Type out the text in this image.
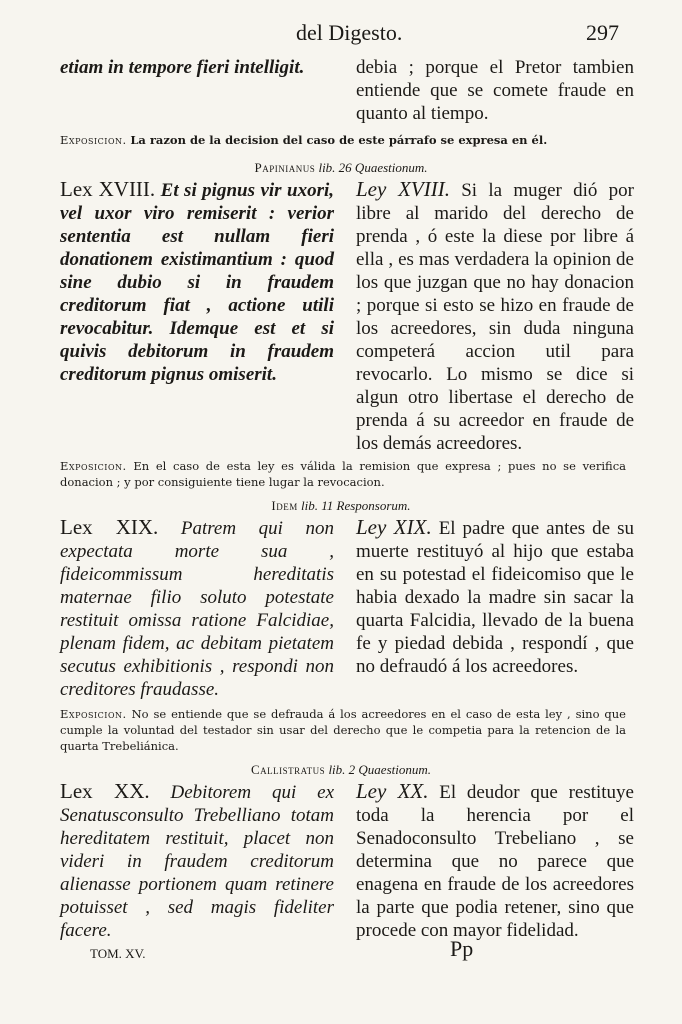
del Digesto.	297
etiam in tempore fieri intelligit.	debia ; porque el Pretor tambien entiende que se comete fraude en quanto al tiempo.
Exposicion. La razon de la decision del caso de este párrafo se expresa en él.
Papinianus lib. 26 Quaestionum.
Lex XVIII. Et si pignus vir uxori, vel uxor viro remiserit : verior sententia est nullam fieri donationem existimantium : quod sine dubio si in fraudem creditorum fiat , actione utili revocabitur. Idemque est et si quivis debitorum in fraudem creditorum pignus omiserit.
Ley XVIII. Si la muger dió por libre al marido del derecho de prenda , ó este la diese por libre á ella , es mas verdadera la opinion de los que juzgan que no hay donacion ; porque si esto se hizo en fraude de los acreedores, sin duda ninguna competerá accion util para revocarlo. Lo mismo se dice si algun otro libertase el derecho de prenda á su acreedor en fraude de los demás acreedores.
Exposicion. En el caso de esta ley es válida la remision que expresa ; pues no se verifica donacion ; y por consiguiente tiene lugar la revocacion.
Idem lib. 11 Responsorum.
Lex XIX. Patrem qui non expectata morte sua , fideicommissum hereditatis maternae filio soluto potestate restituit omissa ratione Falcidiae, plenam fidem, ac debitam pietatem secutus exhibitionis , respondi non creditores fraudasse.
Ley XIX. El padre que antes de su muerte restituyó al hijo que estaba en su potestad el fideicomiso que le habia dexado la madre sin sacar la quarta Falcidia, llevado de la buena fe y piedad debida , respondí , que no defraudó á los acreedores.
Exposicion. No se entiende que se defrauda á los acreedores en el caso de esta ley , sino que cumple la voluntad del testador sin usar del derecho que le competia para la retencion de la quarta Trebeliánica.
Callistratus lib. 2 Quaestionum.
Lex XX. Debitorem qui ex Senatusconsulto Trebelliano totam hereditatem restituit, placet non videri in fraudem creditorum alienasse portionem quam retinere potuisset , sed magis fideliter facere.
Ley XX. El deudor que restituye toda la herencia por el Senadoconsulto Trebeliano , se determina que no parece que enagena en fraude de los acreedores la parte que podia retener, sino que procede con mayor fidelidad.
TOM. XV.	Pp
